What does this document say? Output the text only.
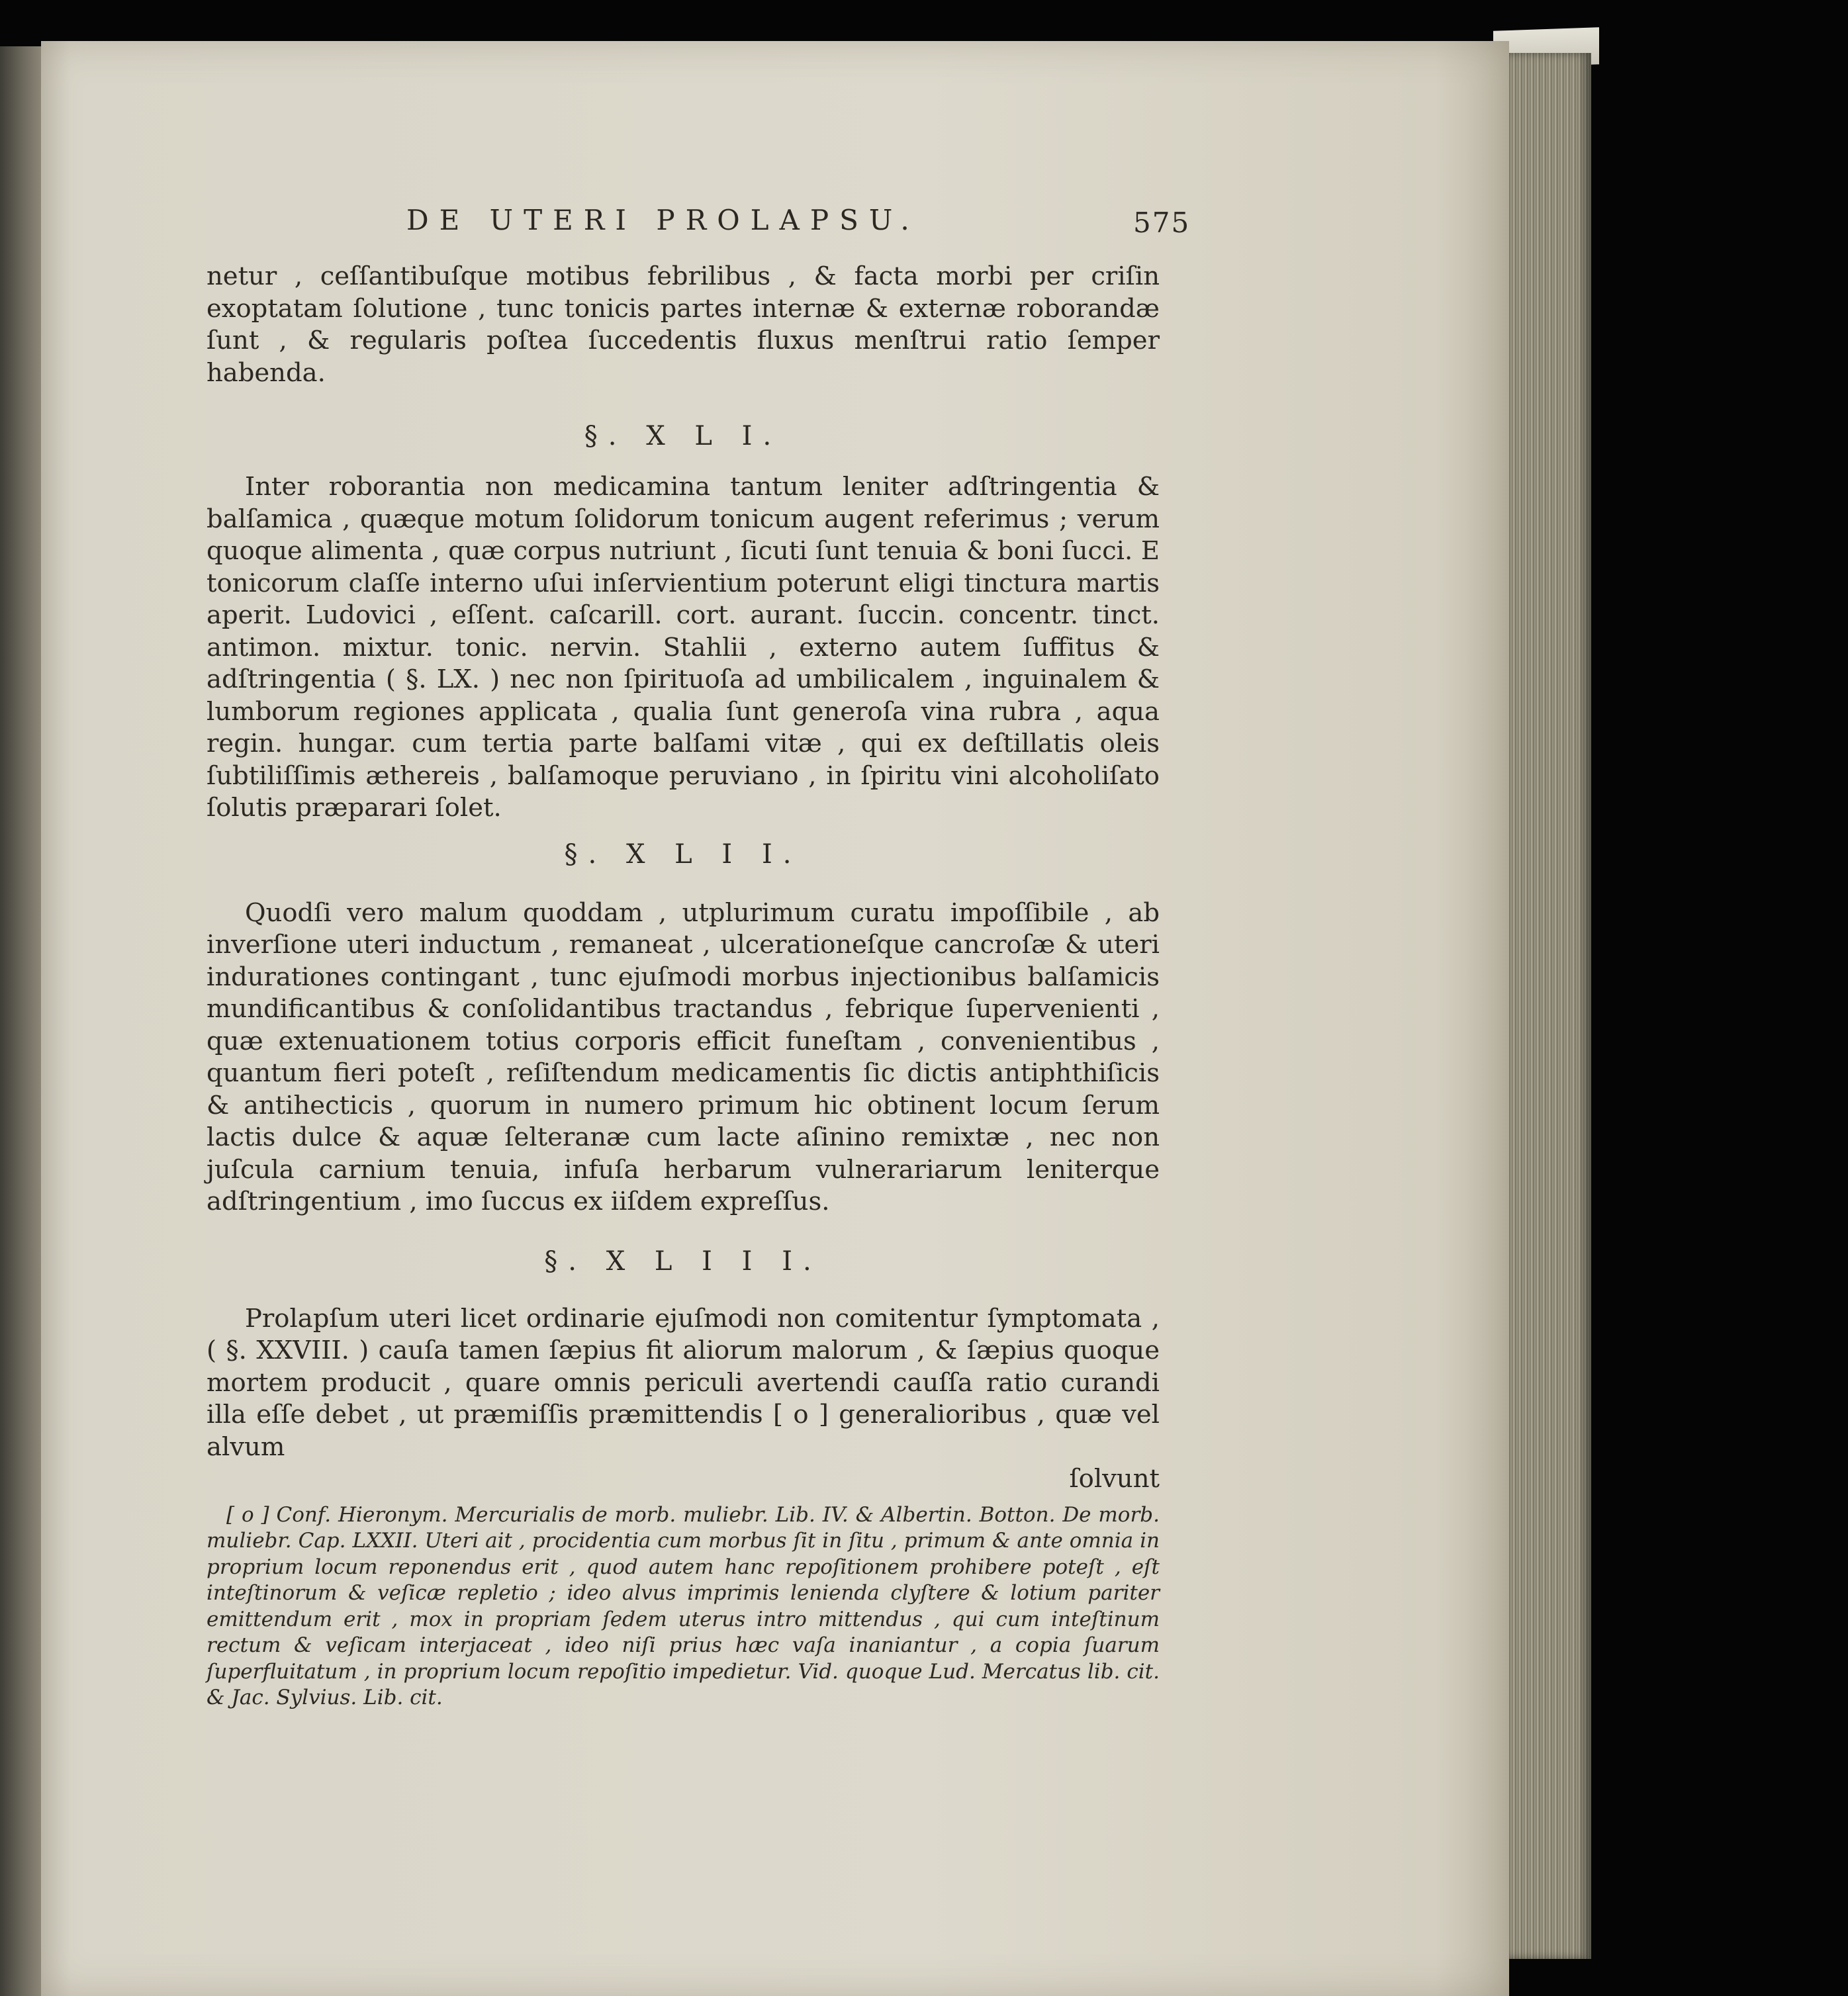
DE UTERI PROLAPSU.	575

netur , ceſſantibuſque motibus febrilibus , & facta morbi per criſin exoptatam ſolutione , tunc tonicis partes internæ & externæ roborandæ ſunt , & regularis poſtea ſuccedentis fluxus menſtrui ratio ſemper habenda.

§. X L I.

Inter roborantia non medicamina tantum leniter adſtringentia & balſamica , quæque motum ſolidorum tonicum augent referimus ; verum quoque alimenta , quæ corpus nutriunt , ſicuti ſunt tenuia & boni ſucci. E tonicorum claſſe interno uſui inſervientium poterunt eligi tinctura martis aperit. Ludovici , eſſent. caſcarill. cort. aurant. ſuccin. concentr. tinct. antimon. mixtur. tonic. nervin. Stahlii , externo autem ſuffitus & adſtringentia ( §. LX. ) nec non ſpirituoſa ad umbilicalem , inguinalem & lumborum regiones applicata , qualia ſunt generoſa vina rubra , aqua regin. hungar. cum tertia parte balſami vitæ , qui ex deſtillatis oleis ſubtiliſſimis æthereis , balſamoque peruviano , in ſpiritu vini alcoholiſato ſolutis præparari ſolet.

§. X L I I.

Quodſi vero malum quoddam , utplurimum curatu impoſſibile , ab inverſione uteri inductum , remaneat , ulcerationeſque cancroſæ & uteri indurationes contingant , tunc ejuſmodi morbus injectionibus balſamicis mundificantibus & conſolidantibus tractandus , febrique ſupervenienti , quæ extenuationem totius corporis efficit funeſtam , convenientibus , quantum fieri poteſt , reſiſtendum medicamentis ſic dictis antiphthiſicis & antihecticis , quorum in numero primum hic obtinent locum ſerum lactis dulce & aquæ ſelteranæ cum lacte aſinino remixtæ , nec non juſcula carnium tenuia, infuſa herbarum vulnerariarum leniterque adſtringentium , imo ſuccus ex iiſdem expreſſus.

§. X L I I I.

Prolapſum uteri licet ordinarie ejuſmodi non comitentur ſymptomata , ( §. XXVIII. ) cauſa tamen ſæpius fit aliorum malorum , & ſæpius quoque mortem producit , quare omnis periculi avertendi cauſſa ratio curandi illa eſſe debet , ut præmiſſis præmittendis [ o ] generalioribus , quæ vel alvum

ſolvunt

[ o ] Conf. Hieronym. Mercurialis de morb. muliebr. Lib. IV. & Albertin. Botton. De morb. muliebr. Cap. LXXII. Uteri ait , procidentia cum morbus ſit in ſitu , primum & ante omnia in proprium locum reponendus erit , quod autem hanc repoſitionem prohibere poteſt , eſt inteſtinorum & veſicæ repletio ; ideo alvus imprimis lenienda clyſtere & lotium pariter emittendum erit , mox in propriam ſedem uterus intro mittendus , qui cum inteſtinum rectum & veſicam interjaceat , ideo niſi prius hæc vaſa inaniantur , a copia ſuarum ſuperfluitatum , in proprium locum repoſitio impedietur. Vid. quoque Lud. Mercatus lib. cit. & Jac. Sylvius. Lib. cit.
